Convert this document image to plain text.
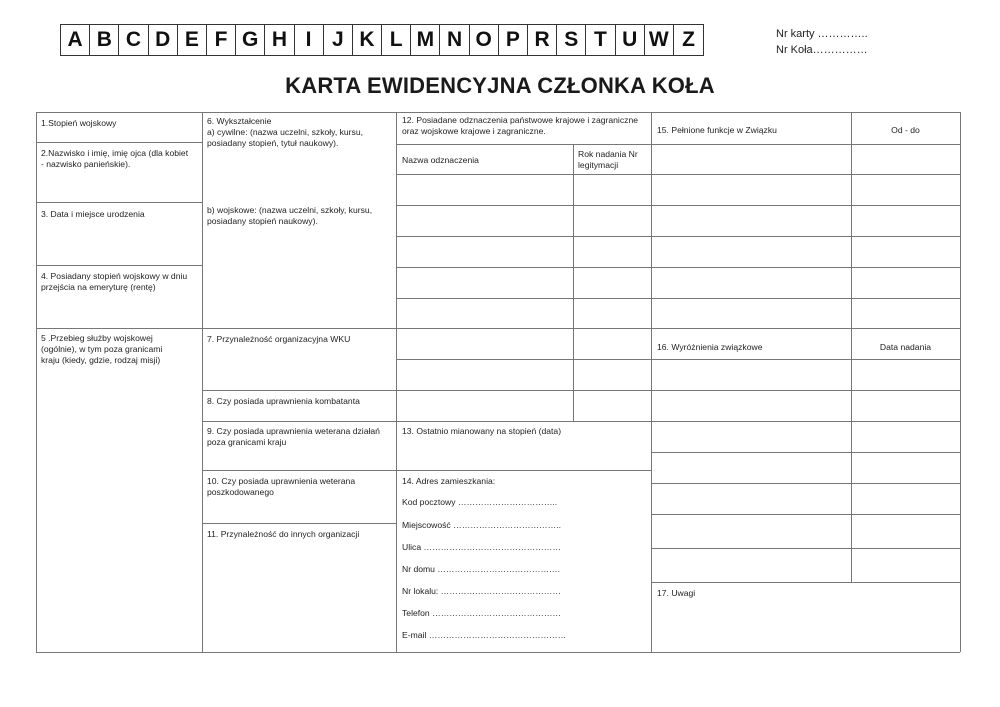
A B C D E F G H I J K L M N O P R S T U W Z	Nr karty …………..
Nr Koła……………
KARTA EWIDENCYJNA CZŁONKA KOŁA
1.Stopień wojskowy
2.Nazwisko i imię, imię ojca (dla kobiet - nazwisko panieńskie).
3. Data i miejsce urodzenia
4. Posiadany stopień wojskowy w dniu przejścia na emeryturę (rentę)
5 .Przebieg służby wojskowej (ogólnie), w tym poza granicami kraju (kiedy, gdzie, rodzaj misji)
6. Wykształcenie
a) cywilne: (nazwa uczelni, szkoły, kursu, posiadany stopień, tytuł naukowy).
b) wojskowe: (nazwa uczelni, szkoły, kursu, posiadany stopień naukowy).
7. Przynależność organizacyjna WKU
8. Czy posiada uprawnienia kombatanta
9. Czy posiada uprawnienia weterana działań poza granicami kraju
10. Czy posiada uprawnienia weterana poszkodowanego
11. Przynależność do innych organizacji
12. Posiadane odznaczenia państwowe krajowe i zagraniczne oraz wojskowe krajowe i zagraniczne.
Nazwa odznaczenia
Rok nadania Nr legitymacji
13. Ostatnio mianowany na stopień (data)
14. Adres zamieszkania:
Kod pocztowy ……………………………..
Miejscowość ………………………………..
Ulica …………………………………………
Nr domu …………………………………….
Nr lokalu: ……………………………………
Telefon ………………………………………
E-mail …………………………………………
15. Pełnione funkcje w Związku	Od - do
16. Wyróżnienia związkowe	Data nadania
17. Uwagi
